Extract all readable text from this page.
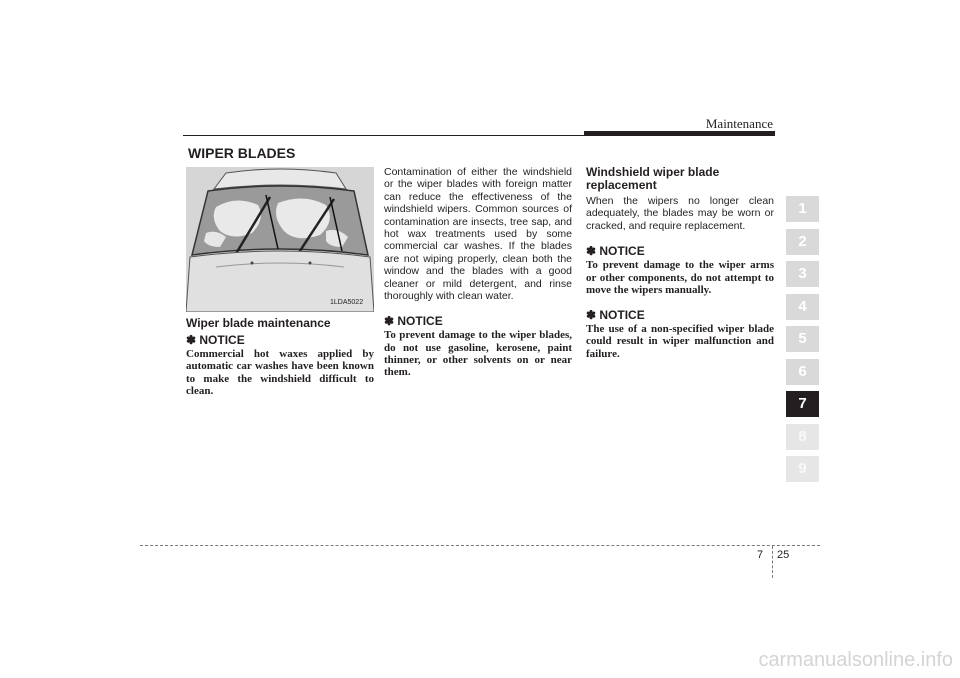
Maintenance
WIPER BLADES
1LDA5022

Wiper blade maintenance

✽ NOTICE

Commercial hot waxes applied by automatic car washes have been known to make the windshield difficult to clean.

Contamination of either the windshield or the wiper blades with foreign matter can reduce the effectiveness of the windshield wipers. Common sources of contamination are insects, tree sap, and hot wax treatments used by some commercial car washes. If the blades are not wiping properly, clean both the window and the blades with a good cleaner or mild detergent, and rinse thoroughly with clean water.

✽ NOTICE

To prevent damage to the wiper blades, do not use gasoline, kerosene, paint thinner, or other solvents on or near them.

Windshield wiper blade replacement

When the wipers no longer clean adequately, the blades may be worn or cracked, and require replacement.

✽ NOTICE

To prevent damage to the wiper arms or other components, do not attempt to move the wipers manually.

✽ NOTICE

The use of a non-specified wiper blade could result in wiper malfunction and failure.

1
2
3
4
5
6
7
8
9
7 25
carmanualsonline.info
